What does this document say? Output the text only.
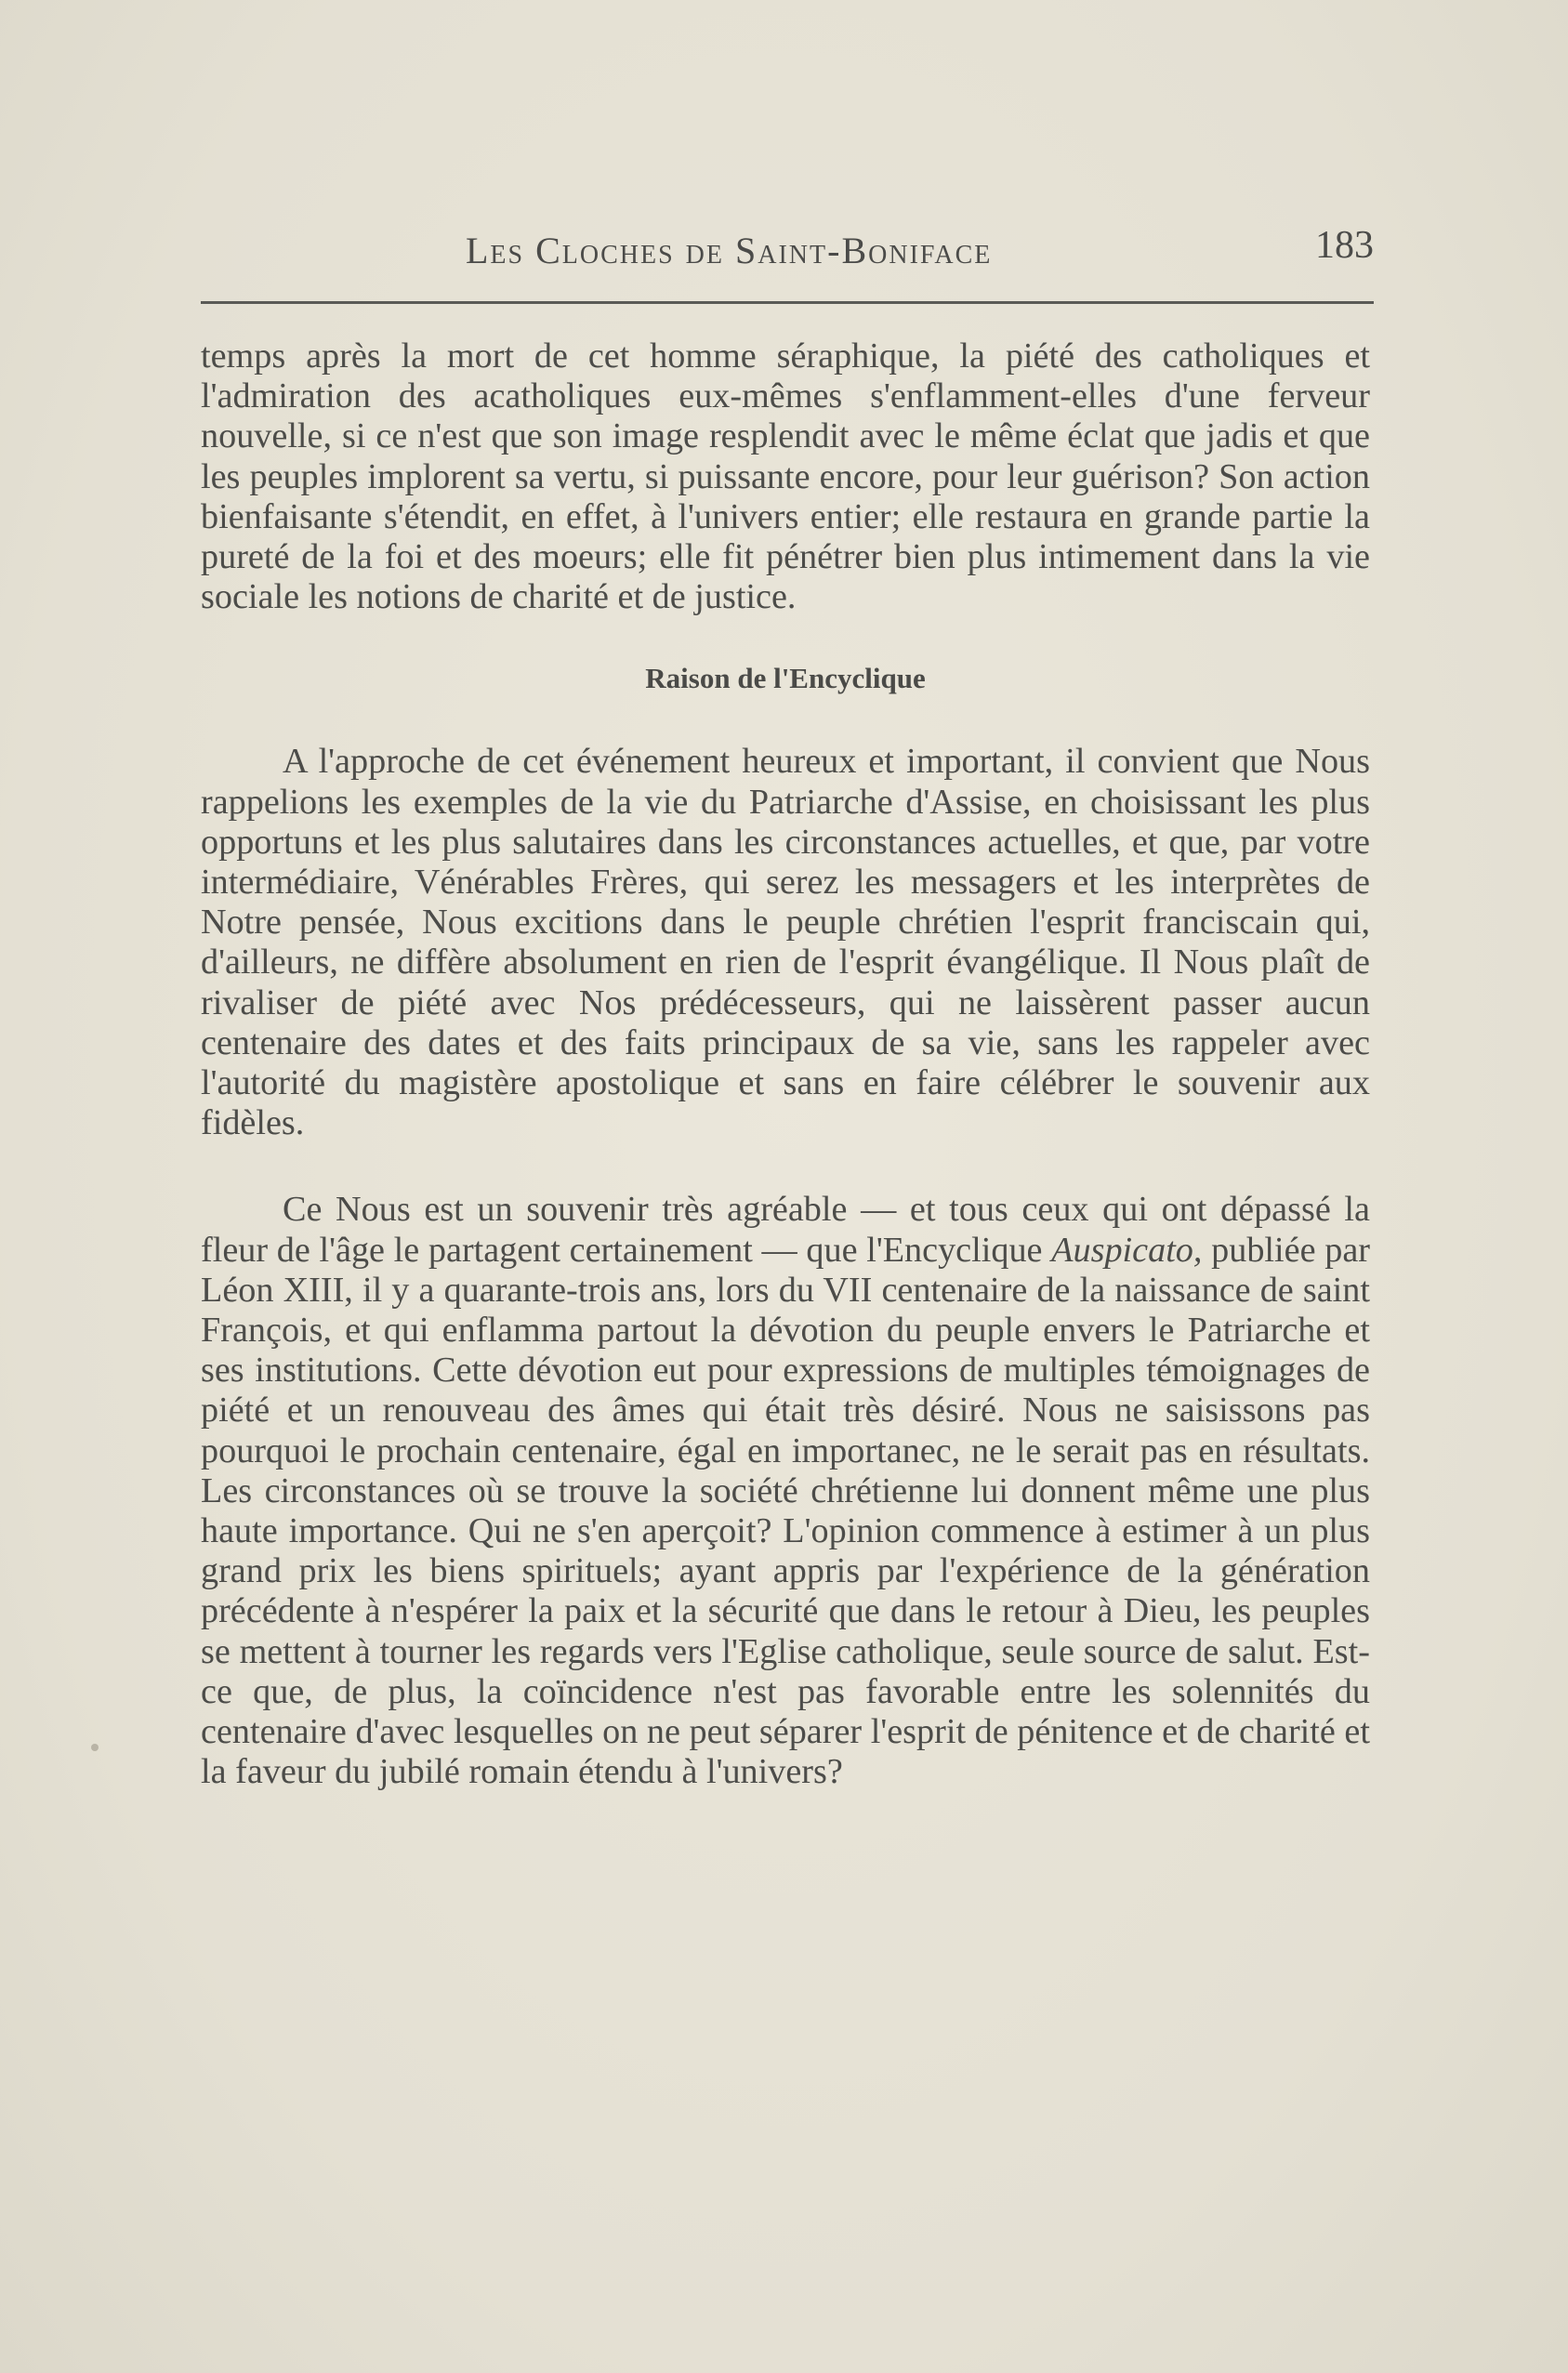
Les Cloches de Saint-Boniface	183

temps après la mort de cet homme séraphique, la piété des catholiques et l'admiration des acatholiques eux-mêmes s'enflamment-elles d'une ferveur nouvelle, si ce n'est que son image resplendit avec le même éclat que jadis et que les peuples implorent sa vertu, si puissante encore, pour leur guérison? Son action bienfaisante s'étendit, en effet, à l'univers entier; elle restaura en grande partie la pureté de la foi et des moeurs; elle fit pénétrer bien plus intimement dans la vie sociale les notions de charité et de justice.

Raison de l'Encyclique

A l'approche de cet événement heureux et important, il convient que Nous rappelions les exemples de la vie du Patriarche d'Assise, en choisissant les plus opportuns et les plus salutaires dans les circonstances actuelles, et que, par votre intermédiaire, Vénérables Frères, qui serez les messagers et les interprètes de Notre pensée, Nous excitions dans le peuple chrétien l'esprit franciscain qui, d'ailleurs, ne diffère absolument en rien de l'esprit évangélique. Il Nous plaît de rivaliser de piété avec Nos prédécesseurs, qui ne laissèrent passer aucun centenaire des dates et des faits principaux de sa vie, sans les rappeler avec l'autorité du magistère apostolique et sans en faire célébrer le souvenir aux fidèles.

Ce Nous est un souvenir très agréable — et tous ceux qui ont dépassé la fleur de l'âge le partagent certainement — que l'Encyclique Auspicato, publiée par Léon XIII, il y a quarante-trois ans, lors du VII centenaire de la naissance de saint François, et qui enflamma partout la dévotion du peuple envers le Patriarche et ses institutions. Cette dévotion eut pour expressions de multiples témoignages de piété et un renouveau des âmes qui était très désiré. Nous ne saisissons pas pourquoi le prochain centenaire, égal en importanec, ne le serait pas en résultats. Les circonstances où se trouve la société chrétienne lui donnent même une plus haute importance. Qui ne s'en aperçoit? L'opinion commence à estimer à un plus grand prix les biens spirituels; ayant appris par l'expérience de la génération précédente à n'espérer la paix et la sécurité que dans le retour à Dieu, les peuples se mettent à tourner les regards vers l'Eglise catholique, seule source de salut. Est-ce que, de plus, la coïncidence n'est pas favorable entre les solennités du centenaire d'avec lesquelles on ne peut séparer l'esprit de pénitence et de charité et la faveur du jubilé romain étendu à l'univers?
